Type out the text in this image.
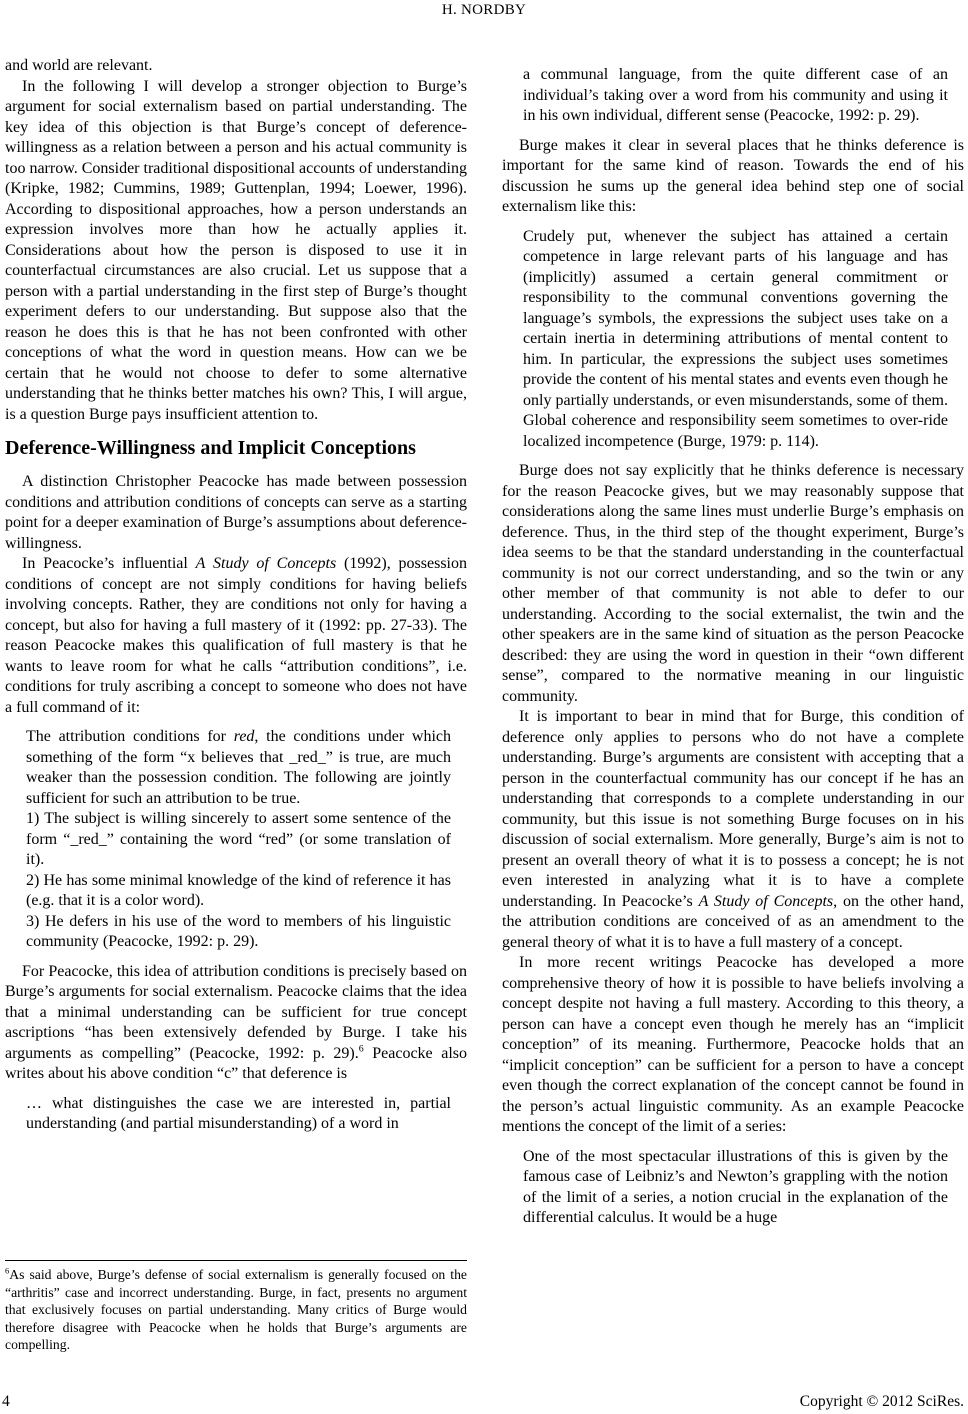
H. NORDBY
and world are relevant.
In the following I will develop a stronger objection to Burge’s argument for social externalism based on partial understanding. The key idea of this objection is that Burge’s concept of deference-willingness as a relation between a person and his actual community is too narrow. Consider traditional dispositional accounts of understanding (Kripke, 1982; Cummins, 1989; Guttenplan, 1994; Loewer, 1996). According to dispositional approaches, how a person understands an expression involves more than how he actually applies it. Considerations about how the person is disposed to use it in counterfactual circumstances are also crucial. Let us suppose that a person with a partial understanding in the first step of Burge’s thought experiment defers to our understanding. But suppose also that the reason he does this is that he has not been confronted with other conceptions of what the word in question means. How can we be certain that he would not choose to defer to some alternative understanding that he thinks better matches his own? This, I will argue, is a question Burge pays insufficient attention to.
Deference-Willingness and Implicit Conceptions
A distinction Christopher Peacocke has made between possession conditions and attribution conditions of concepts can serve as a starting point for a deeper examination of Burge’s assumptions about deference-willingness.
In Peacocke’s influential A Study of Concepts (1992), possession conditions of concept are not simply conditions for having beliefs involving concepts. Rather, they are conditions not only for having a concept, but also for having a full mastery of it (1992: pp. 27-33). The reason Peacocke makes this qualification of full mastery is that he wants to leave room for what he calls “attribution conditions”, i.e. conditions for truly ascribing a concept to someone who does not have a full command of it:
The attribution conditions for red, the conditions under which something of the form “x believes that _red_” is true, are much weaker than the possession condition. The following are jointly sufficient for such an attribution to be true.
1) The subject is willing sincerely to assert some sentence of the form “_red_” containing the word “red” (or some translation of it).
2) He has some minimal knowledge of the kind of reference it has (e.g. that it is a color word).
3) He defers in his use of the word to members of his linguistic community (Peacocke, 1992: p. 29).
For Peacocke, this idea of attribution conditions is precisely based on Burge’s arguments for social externalism. Peacocke claims that the idea that a minimal understanding can be sufficient for true concept ascriptions “has been extensively defended by Burge. I take his arguments as compelling” (Peacocke, 1992: p. 29).$^6$ Peacocke also writes about his above condition “c” that deference is
… what distinguishes the case we are interested in, partial understanding (and partial misunderstanding) of a word in
$^6$As said above, Burge’s defense of social externalism is generally focused on the “arthritis” case and incorrect understanding. Burge, in fact, presents no argument that exclusively focuses on partial understanding. Many critics of Burge would therefore disagree with Peacocke when he holds that Burge’s arguments are compelling.
a communal language, from the quite different case of an individual’s taking over a word from his community and using it in his own individual, different sense (Peacocke, 1992: p. 29).
Burge makes it clear in several places that he thinks deference is important for the same kind of reason. Towards the end of his discussion he sums up the general idea behind step one of social externalism like this:
Crudely put, whenever the subject has attained a certain competence in large relevant parts of his language and has (implicitly) assumed a certain general commitment or responsibility to the communal conventions governing the language’s symbols, the expressions the subject uses take on a certain inertia in determining attributions of mental content to him. In particular, the expressions the subject uses sometimes provide the content of his mental states and events even though he only partially understands, or even misunderstands, some of them. Global coherence and responsibility seem sometimes to over-ride localized incompetence (Burge, 1979: p. 114).
Burge does not say explicitly that he thinks deference is necessary for the reason Peacocke gives, but we may reasonably suppose that considerations along the same lines must underlie Burge’s emphasis on deference. Thus, in the third step of the thought experiment, Burge’s idea seems to be that the standard understanding in the counterfactual community is not our correct understanding, and so the twin or any other member of that community is not able to defer to our understanding. According to the social externalist, the twin and the other speakers are in the same kind of situation as the person Peacocke described: they are using the word in question in their “own different sense”, compared to the normative meaning in our linguistic community.
It is important to bear in mind that for Burge, this condition of deference only applies to persons who do not have a complete understanding. Burge’s arguments are consistent with accepting that a person in the counterfactual community has our concept if he has an understanding that corresponds to a complete understanding in our community, but this issue is not something Burge focuses on in his discussion of social externalism. More generally, Burge’s aim is not to present an overall theory of what it is to possess a concept; he is not even interested in analyzing what it is to have a complete understanding. In Peacocke’s A Study of Concepts, on the other hand, the attribution conditions are conceived of as an amendment to the general theory of what it is to have a full mastery of a concept.
In more recent writings Peacocke has developed a more comprehensive theory of how it is possible to have beliefs involving a concept despite not having a full mastery. According to this theory, a person can have a concept even though he merely has an “implicit conception” of its meaning. Furthermore, Peacocke holds that an “implicit conception” can be sufficient for a person to have a concept even though the correct explanation of the concept cannot be found in the person’s actual linguistic community. As an example Peacocke mentions the concept of the limit of a series:
One of the most spectacular illustrations of this is given by the famous case of Leibniz’s and Newton’s grappling with the notion of the limit of a series, a notion crucial in the explanation of the differential calculus. It would be a huge
4	Copyright © 2012 SciRes.
